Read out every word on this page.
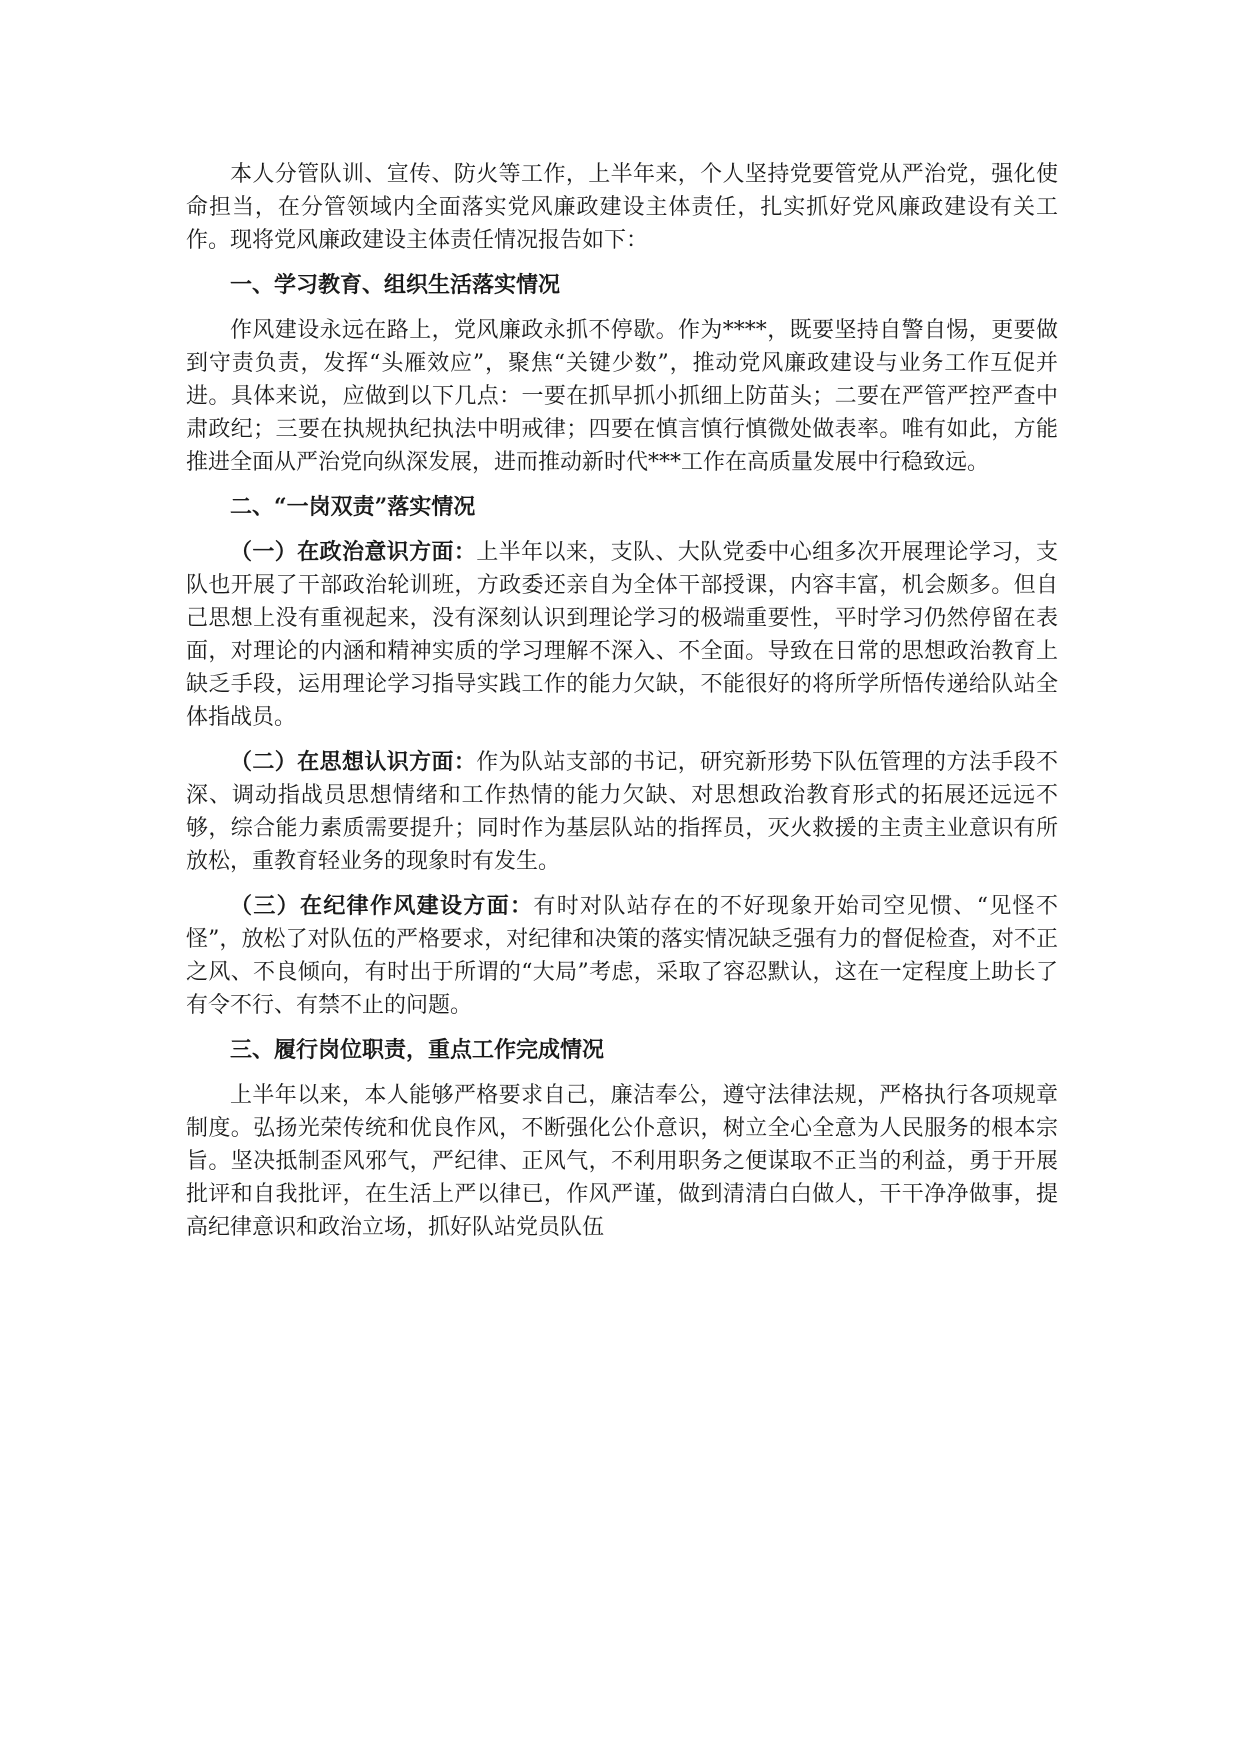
本人分管队训、宣传、防火等工作，上半年来，个人坚持党要管党从严治党，强化使命担当，在分管领域内全面落实党风廉政建设主体责任，扎实抓好党风廉政建设有关工作。现将党风廉政建设主体责任情况报告如下：

一、学习教育、组织生活落实情况

作风建设永远在路上，党风廉政永抓不停歇。作为****，既要坚持自警自惕，更要做到守责负责，发挥“头雁效应”，聚焦“关键少数”，推动党风廉政建设与业务工作互促并进。具体来说，应做到以下几点：一要在抓早抓小抓细上防苗头；二要在严管严控严查中肃政纪；三要在执规执纪执法中明戒律；四要在慎言慎行慎微处做表率。唯有如此，方能推进全面从严治党向纵深发展，进而推动新时代***工作在高质量发展中行稳致远。

二、“一岗双责”落实情况

（一）在政治意识方面：上半年以来，支队、大队党委中心组多次开展理论学习，支队也开展了干部政治轮训班，方政委还亲自为全体干部授课，内容丰富，机会颇多。但自己思想上没有重视起来，没有深刻认识到理论学习的极端重要性，平时学习仍然停留在表面，对理论的内涵和精神实质的学习理解不深入、不全面。导致在日常的思想政治教育上缺乏手段，运用理论学习指导实践工作的能力欠缺，不能很好的将所学所悟传递给队站全体指战员。

（二）在思想认识方面：作为队站支部的书记，研究新形势下队伍管理的方法手段不深、调动指战员思想情绪和工作热情的能力欠缺、对思想政治教育形式的拓展还远远不够，综合能力素质需要提升；同时作为基层队站的指挥员，灭火救援的主责主业意识有所放松，重教育轻业务的现象时有发生。

（三）在纪律作风建设方面：有时对队站存在的不好现象开始司空见惯、“见怪不怪”，放松了对队伍的严格要求，对纪律和决策的落实情况缺乏强有力的督促检查，对不正之风、不良倾向，有时出于所谓的“大局”考虑，采取了容忍默认，这在一定程度上助长了有令不行、有禁不止的问题。

三、履行岗位职责，重点工作完成情况

上半年以来，本人能够严格要求自己，廉洁奉公，遵守法律法规，严格执行各项规章制度。弘扬光荣传统和优良作风，不断强化公仆意识，树立全心全意为人民服务的根本宗旨。坚决抵制歪风邪气，严纪律、正风气，不利用职务之便谋取不正当的利益，勇于开展批评和自我批评，在生活上严以律已，作风严谨，做到清清白白做人，干干净净做事，提高纪律意识和政治立场，抓好队站党员队伍
